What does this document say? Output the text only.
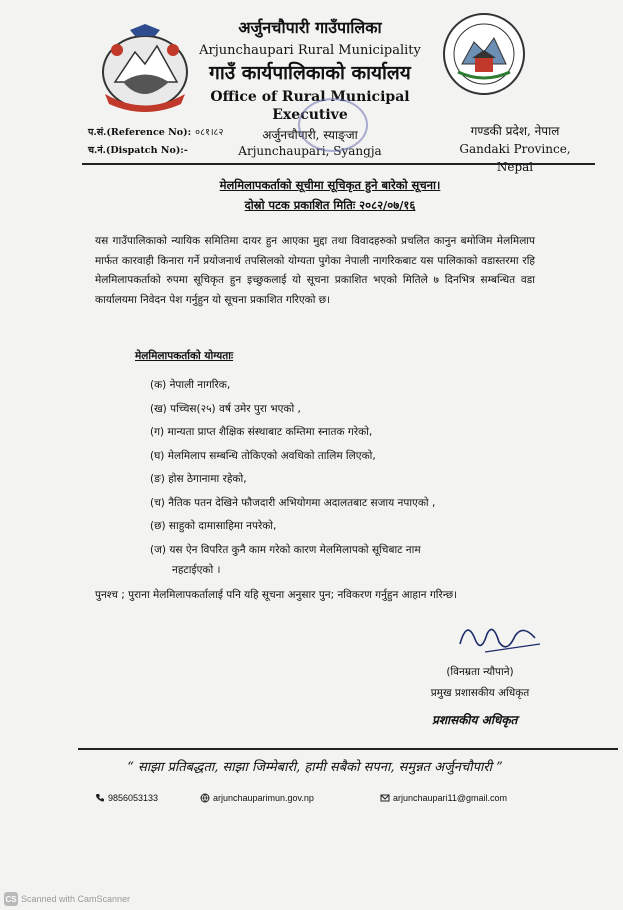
अर्जुनचौपारी गाउँपालिका
Arjunchaupari Rural Municipality
गाउँ कार्यपालिकाको कार्यालय
Office of Rural Municipal Executive
अर्जुनचौपारी, स्याङ्जा
Arjunchaupari, Syangja
प.सं.(Reference No): ०८१।८२
च.नं.(Dispatch No):-
गण्डकी प्रदेश, नेपाल
Gandaki Province, Nepal
मेलमिलापकर्ताको सूचीमा सूचिकृत हुने बारेको सूचना।
दोस्रो पटक प्रकाशित मितिः २०८२/०७/१६
यस गाउँपालिकाको न्यायिक समितिमा दायर हुन आएका मुद्दा तथा विवादहरुको प्रचलित कानुन बमोजिम मेलमिलाप मार्फत कारवाही किनारा गर्ने प्रयोजनार्थ तपसिलको योग्यता पुगेका नेपाली नागरिकबाट यस पालिकाको वडास्तरमा रहि मेलमिलापकर्ताको रुपमा सूचिकृत हुन इच्छुकलाई यो सूचना प्रकाशित भएको मितिले ७ दिनभित्र सम्बन्धित वडा कार्यालयमा निवेदन पेश गर्नुहुन यो सूचना प्रकाशित गरिएको छ।
मेलमिलापकर्ताको योग्यताः
(क) नेपाली नागरिक,
(ख) पच्चिस(२५) वर्ष उमेर पुरा भएको ,
(ग) मान्यता प्राप्त शैक्षिक संस्थाबाट कम्तिमा स्नातक गरेको,
(घ) मेलमिलाप सम्बन्धि तोकिएको अवधिको तालिम लिएको,
(ङ) होस ठेगानामा रहेको,
(च) नैतिक पतन देखिने फौजदारी अभियोगमा अदालतबाट सजाय नपाएको ,
(छ) साहुको दामासाहिमा नपरेको,
(ज) यस ऐन विपरित कुनै काम गरेको कारण मेलमिलापको सूचिबाट नाम
नहटाईएको ।
पुनश्च ; पुराना मेलमिलापकर्तालाई पनि यहि सूचना अनुसार पुन; नविकरण गर्नुहुन आहान गरिन्छ।
(विनम्रता न्यौपाने)
प्रमुख प्रशासकीय अधिकृत
प्रशासकीय अधिकृत
“ साझा प्रतिबद्धता, साझा जिम्मेबारी, हामी सबैको सपना, समुन्नत अर्जुनचौपारी ”
9856053133	arjunchauparimun.gov.np	arjunchaupari11@gmail.com
CS Scanned with CamScanner
